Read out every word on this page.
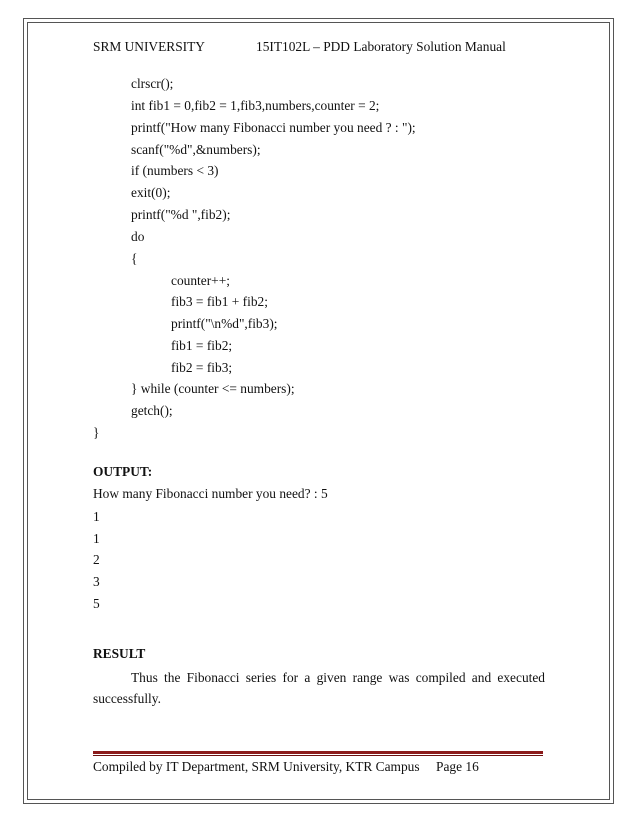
SRM UNIVERSITY	15IT102L – PDD Laboratory Solution Manual
clrscr();
int fib1 = 0,fib2 = 1,fib3,numbers,counter = 2;
printf("How many Fibonacci number you need ? : ");
scanf("%d",&numbers);
if (numbers < 3)
exit(0);
printf("%d ",fib2);
do
{
counter++;
fib3 = fib1 + fib2;
printf("\n%d",fib3);
fib1 = fib2;
fib2 = fib3;
} while (counter <= numbers);
getch();
}
OUTPUT:
How many Fibonacci number you need? : 5
1
1
2
3
5
RESULT
Thus the Fibonacci series for a given range was compiled and executed successfully.
Compiled by IT Department, SRM University, KTR Campus Page 16
